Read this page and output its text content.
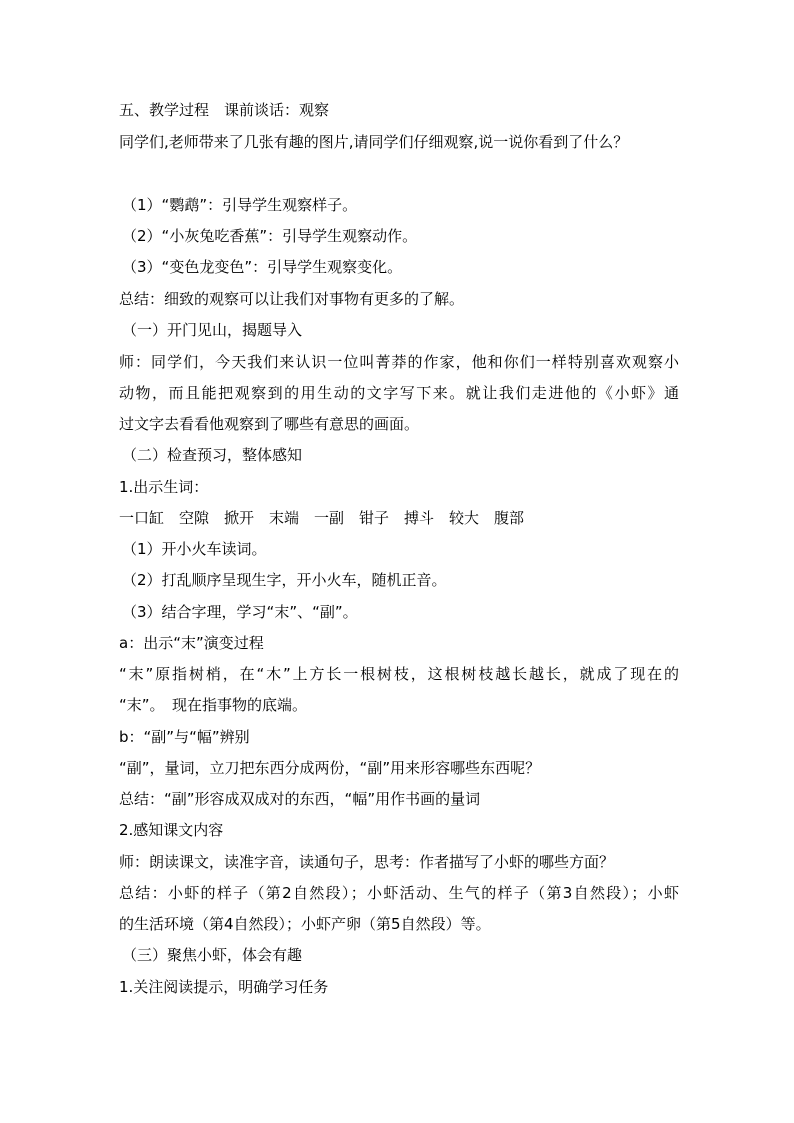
五、教学过程　课前谈话：观察
同学们,老师带来了几张有趣的图片,请同学们仔细观察,说一说你看到了什么？
（1）“鹦鹉”：引导学生观察样子。
（2）“小灰兔吃香蕉”：引导学生观察动作。
（3）“变色龙变色”：引导学生观察变化。
总结：细致的观察可以让我们对事物有更多的了解。
（一）开门见山，揭题导入
师：同学们，今天我们来认识一位叫菁莽的作家，他和你们一样特别喜欢观察小
动物，而且能把观察到的用生动的文字写下来。就让我们走进他的《小虾》通
过文字去看看他观察到了哪些有意思的画面。
（二）检查预习，整体感知
1.出示生词：
一口缸　空隙　掀开　末端　一副　钳子　搏斗　较大　腹部
（1）开小火车读词。
（2）打乱顺序呈现生字，开小火车，随机正音。
（3）结合字理，学习“末”、“副”。
a：出示“末”演变过程
“末”原指树梢，在“木”上方长一根树枝，这根树枝越长越长，就成了现在的
“末”。　现在指事物的底端。
b：“副”与“幅”辨别
“副”，量词，立刀把东西分成两份，“副”用来形容哪些东西呢？
总结：“副”形容成双成对的东西，“幅”用作书画的量词
2.感知课文内容
师：朗读课文，读准字音，读通句子，思考：作者描写了小虾的哪些方面？
总结：小虾的样子（第2自然段）；小虾活动、生气的样子（第3自然段）；小虾
的生活环境（第4自然段）；小虾产卵（第5自然段）等。
（三）聚焦小虾，体会有趣
1.关注阅读提示，明确学习任务
